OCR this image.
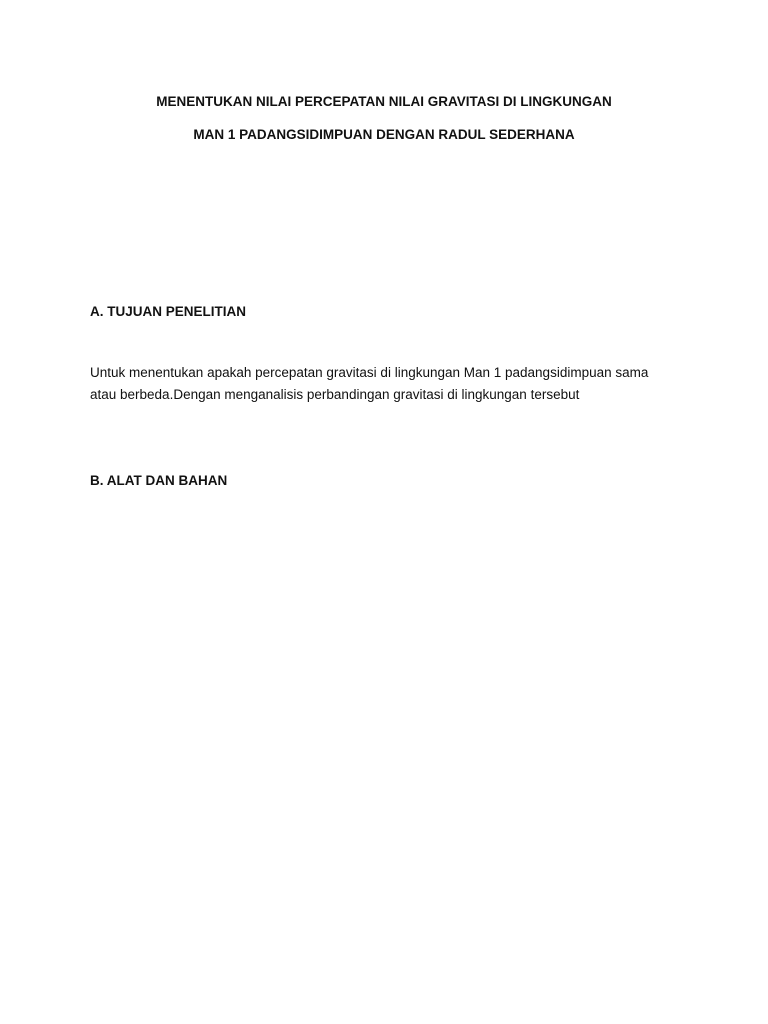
MENENTUKAN NILAI PERCEPATAN NILAI GRAVITASI DI LINGKUNGAN
MAN 1 PADANGSIDIMPUAN DENGAN RADUL SEDERHANA
A. TUJUAN PENELITIAN
Untuk menentukan apakah percepatan gravitasi di lingkungan Man 1 padangsidimpuan sama
atau berbeda.Dengan menganalisis perbandingan gravitasi di lingkungan tersebut
B. ALAT DAN BAHAN
